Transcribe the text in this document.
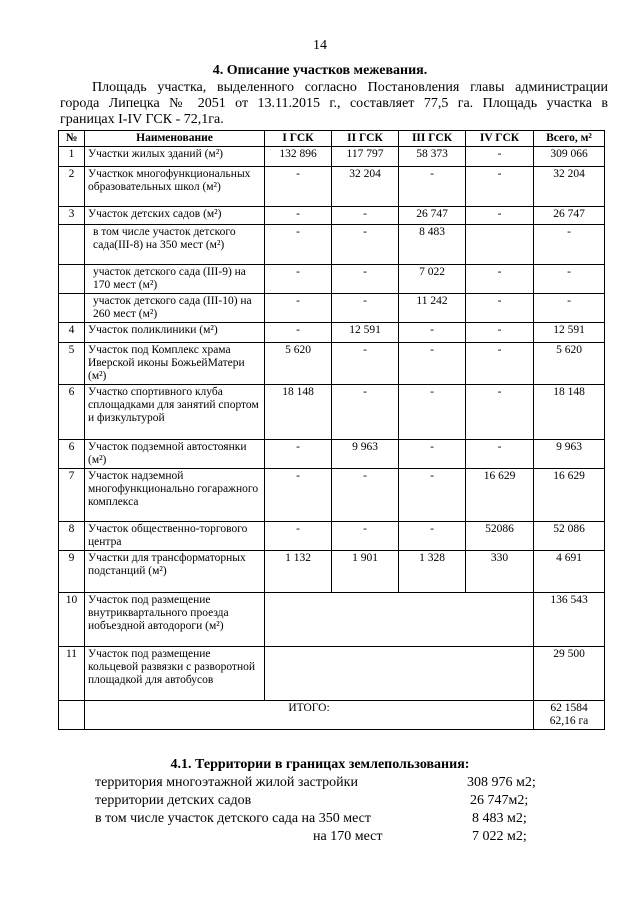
14
4. Описание участков межевания.
Площадь участка, выделенного согласно Постановления главы администрации
города Липецка № 2051 от 13.11.2015 г., составляет 77,5 га. Площадь участка в
границах I-IV ГСК - 72,1га.
№	Наименование	I ГСК	II ГСК	III ГСК	IV ГСК	Всего, м²
1	Участки жилых зданий (м²)	132 896	117 797	58 373	-	309 066
2	Участкок многофункциональных образовательных школ (м²)	-	32 204	-	-	32 204
3	Участок детских садов (м²)	-	-	26 747	-	26 747
	в том числе участок детского сада(III-8) на 350 мест (м²)	-	-	8 483		-
	участок детского сада (III-9) на 170 мест (м²)	-	-	7 022	-	-
	участок детского сада (III-10) на 260 мест (м²)	-	-	11 242	-	-
4	Участок поликлиники (м²)	-	12 591	-	-	12 591
5	Участок под Комплекс храма Иверской иконы БожьейМатери (м²)	5 620	-	-	-	5 620
6	Участко спортивного клуба сплощадками для занятий спортом и физкультурой	18 148	-	-	-	18 148
6	Участок подземной автостоянки (м²)	-	9 963	-	-	9 963
7	Участок надземной многофункционально гогаражного комплекса	-	-	-	16 629	16 629
8	Участок общественно-торгового центра	-	-	-	52086	52 086
9	Участки для трансформаторных подстанций (м²)	1 132	1 901	1 328	330	4 691
10	Участок под размещение внутриквартального проезда иобъездной автодороги (м²)					136 543
11	Участок под размещение кольцевой развязки с разворотной площадкой для автобусов					29 500
	ИТОГО:					62 1584
62,16 га
4.1. Территории в границах землепользования:
территория многоэтажной жилой застройки	308 976 м2;
территории детских садов	26 747м2;
в том числе участок детского сада на 350 мест	8 483 м2;
на 170 мест	7 022 м2;
